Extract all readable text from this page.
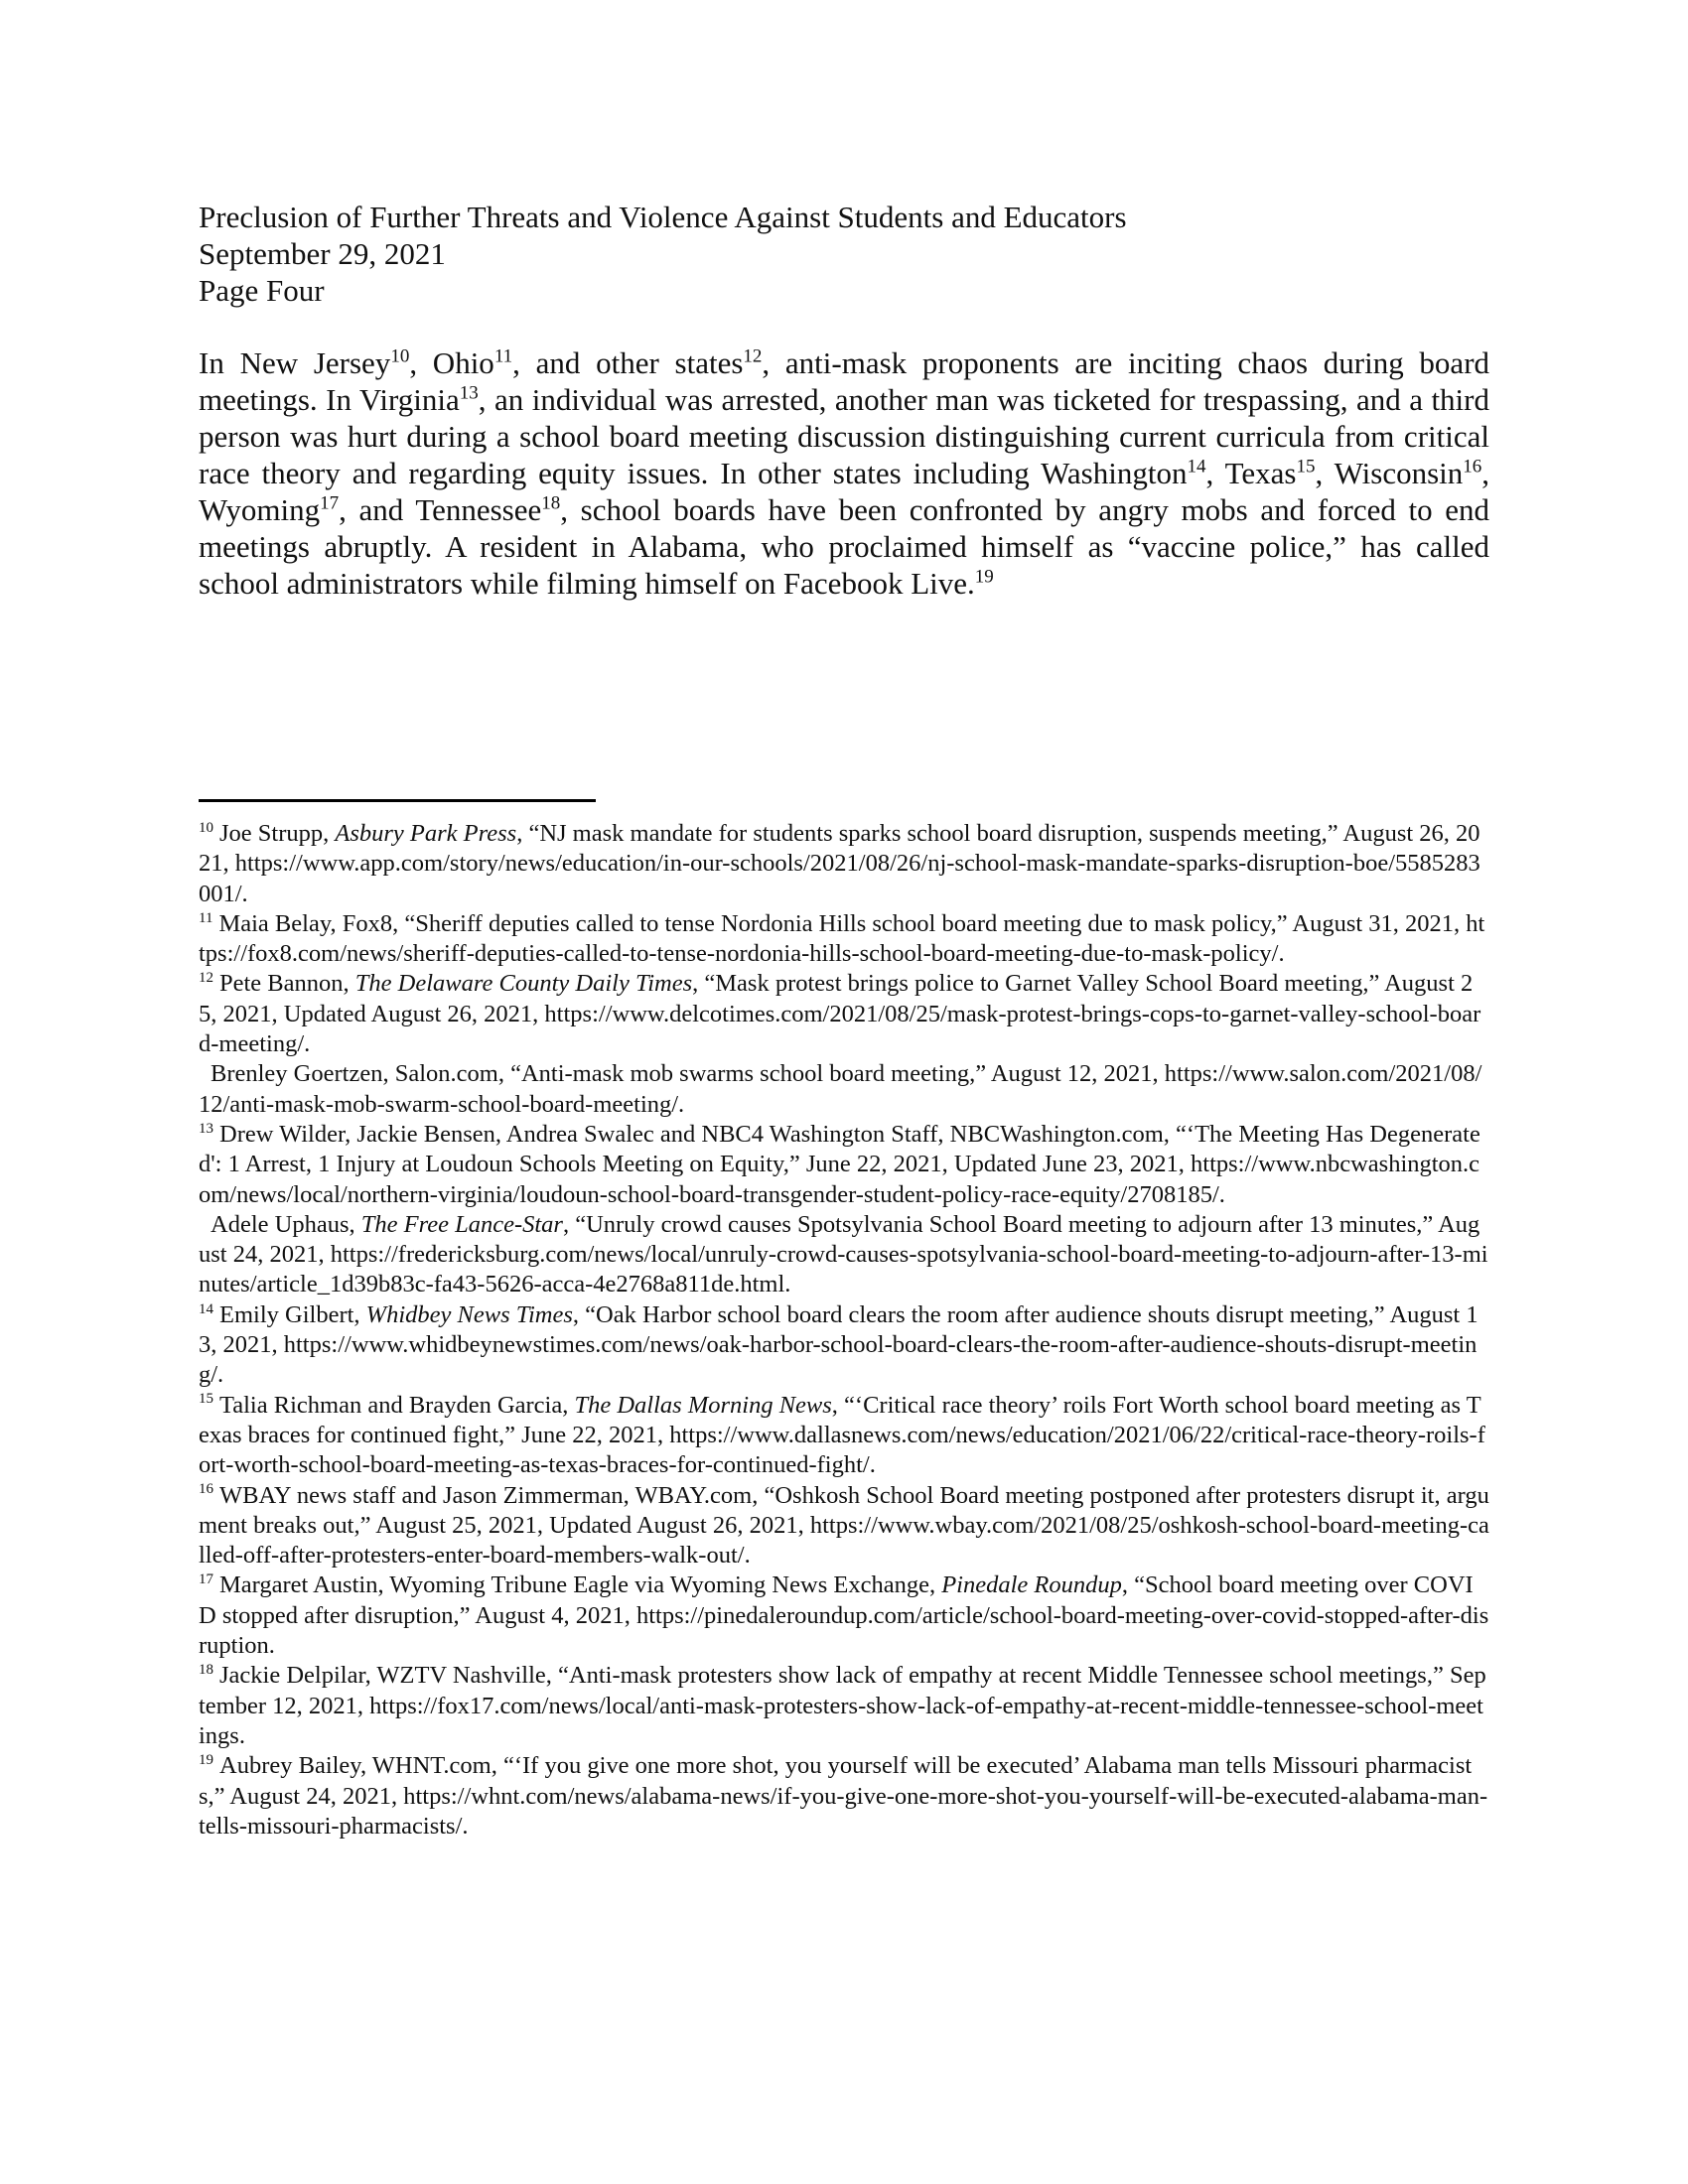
Preclusion of Further Threats and Violence Against Students and Educators
September 29, 2021
Page Four
In New Jersey$^{10}$, Ohio$^{11}$, and other states$^{12}$, anti-mask proponents are inciting chaos during board meetings. In Virginia$^{13}$, an individual was arrested, another man was ticketed for trespassing, and a third person was hurt during a school board meeting discussion distinguishing current curricula from critical race theory and regarding equity issues. In other states including Washington$^{14}$, Texas$^{15}$, Wisconsin$^{16}$, Wyoming$^{17}$, and Tennessee$^{18}$, school boards have been confronted by angry mobs and forced to end meetings abruptly. A resident in Alabama, who proclaimed himself as “vaccine police,” has called school administrators while filming himself on Facebook Live.$^{19}$

$^{10}$ Joe Strupp, Asbury Park Press, “NJ mask mandate for students sparks school board disruption, suspends meeting,” August 26, 2021, https://www.app.com/story/news/education/in-our-schools/2021/08/26/nj-school-mask-mandate-sparks-disruption-boe/5585283001/.

$^{11}$ Maia Belay, Fox8, “Sheriff deputies called to tense Nordonia Hills school board meeting due to mask policy,” August 31, 2021, https://fox8.com/news/sheriff-deputies-called-to-tense-nordonia-hills-school-board-meeting-due-to-mask-policy/.

$^{12}$ Pete Bannon, The Delaware County Daily Times, “Mask protest brings police to Garnet Valley School Board meeting,” August 25, 2021, Updated August 26, 2021, https://www.delcotimes.com/2021/08/25/mask-protest-brings-cops-to-garnet-valley-school-board-meeting/.

Brenley Goertzen, Salon.com, “Anti-mask mob swarms school board meeting,” August 12, 2021, https://www.salon.com/2021/08/12/anti-mask-mob-swarm-school-board-meeting/.

$^{13}$ Drew Wilder, Jackie Bensen, Andrea Swalec and NBC4 Washington Staff, NBCWashington.com, “‘The Meeting Has Degenerated': 1 Arrest, 1 Injury at Loudoun Schools Meeting on Equity,” June 22, 2021, Updated June 23, 2021, https://www.nbcwashington.com/news/local/northern-virginia/loudoun-school-board-transgender-student-policy-race-equity/2708185/.

Adele Uphaus, The Free Lance-Star, “Unruly crowd causes Spotsylvania School Board meeting to adjourn after 13 minutes,” August 24, 2021, https://fredericksburg.com/news/local/unruly-crowd-causes-spotsylvania-school-board-meeting-to-adjourn-after-13-minutes/article_1d39b83c-fa43-5626-acca-4e2768a811de.html.

$^{14}$ Emily Gilbert, Whidbey News Times, “Oak Harbor school board clears the room after audience shouts disrupt meeting,” August 13, 2021, https://www.whidbeynewstimes.com/news/oak-harbor-school-board-clears-the-room-after-audience-shouts-disrupt-meeting/.

$^{15}$ Talia Richman and Brayden Garcia, The Dallas Morning News, “‘Critical race theory’ roils Fort Worth school board meeting as Texas braces for continued fight,” June 22, 2021, https://www.dallasnews.com/news/education/2021/06/22/critical-race-theory-roils-fort-worth-school-board-meeting-as-texas-braces-for-continued-fight/.

$^{16}$ WBAY news staff and Jason Zimmerman, WBAY.com, “Oshkosh School Board meeting postponed after protesters disrupt it, argument breaks out,” August 25, 2021, Updated August 26, 2021, https://www.wbay.com/2021/08/25/oshkosh-school-board-meeting-called-off-after-protesters-enter-board-members-walk-out/.

$^{17}$ Margaret Austin, Wyoming Tribune Eagle via Wyoming News Exchange, Pinedale Roundup, “School board meeting over COVID stopped after disruption,” August 4, 2021, https://pinedaleroundup.com/article/school-board-meeting-over-covid-stopped-after-disruption.

$^{18}$ Jackie Delpilar, WZTV Nashville, “Anti-mask protesters show lack of empathy at recent Middle Tennessee school meetings,” September 12, 2021, https://fox17.com/news/local/anti-mask-protesters-show-lack-of-empathy-at-recent-middle-tennessee-school-meetings.

$^{19}$ Aubrey Bailey, WHNT.com, “‘If you give one more shot, you yourself will be executed’ Alabama man tells Missouri pharmacists,” August 24, 2021, https://whnt.com/news/alabama-news/if-you-give-one-more-shot-you-yourself-will-be-executed-alabama-man-tells-missouri-pharmacists/.
